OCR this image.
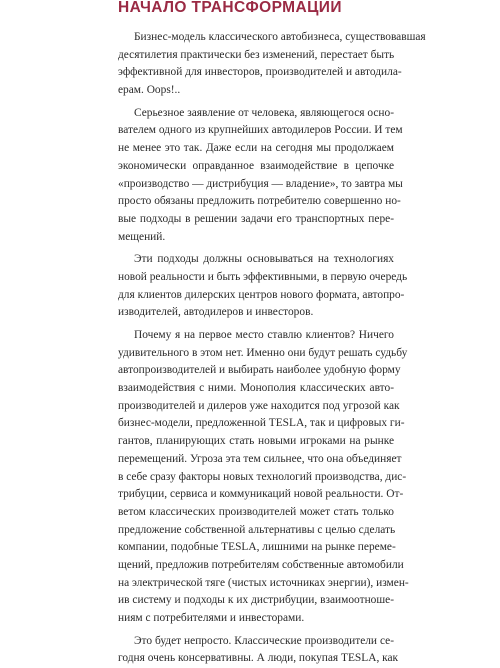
НАЧАЛО ТРАНСФОРМАЦИИ

Бизнес-модель классического автобизнеса, существовавшая
десятилетия практически без изменений, перестает быть
эффективной для инвесторов, производителей и автодила-
ерам. Oops!..

Серьезное заявление от человека, являющегося осно-
вателем одного из крупнейших автодилеров России. И тем
не менее это так. Даже если на сегодня мы продолжаем
экономически оправданное взаимодействие в цепочке
«производство — дистрибуция — владение», то завтра мы
просто обязаны предложить потребителю совершенно но-
вые подходы в решении задачи его транспортных пере-
мещений.

Эти подходы должны основываться на технологиях
новой реальности и быть эффективными, в первую очередь
для клиентов дилерских центров нового формата, автопро-
изводителей, автодилеров и инвесторов.

Почему я на первое место ставлю клиентов? Ничего
удивительного в этом нет. Именно они будут решать судьбу
автопроизводителей и выбирать наиболее удобную форму
взаимодействия с ними. Монополия классических авто-
производителей и дилеров уже находится под угрозой как
бизнес-модели, предложенной TESLA, так и цифровых ги-
гантов, планирующих стать новыми игроками на рынке
перемещений. Угроза эта тем сильнее, что она объединяет
в себе сразу факторы новых технологий производства, дис-
трибуции, сервиса и коммуникаций новой реальности. От-
ветом классических производителей может стать только
предложение собственной альтернативы с целью сделать
компании, подобные TESLA, лишними на рынке переме-
щений, предложив потребителям собственные автомобили
на электрической тяге (чистых источниках энергии), измен-
ив систему и подходы к их дистрибуции, взаимоотноше-
ниям с потребителями и инвесторами.

Это будет непросто. Классические производители се-
годня очень консервативны. А люди, покупая TESLA, как
